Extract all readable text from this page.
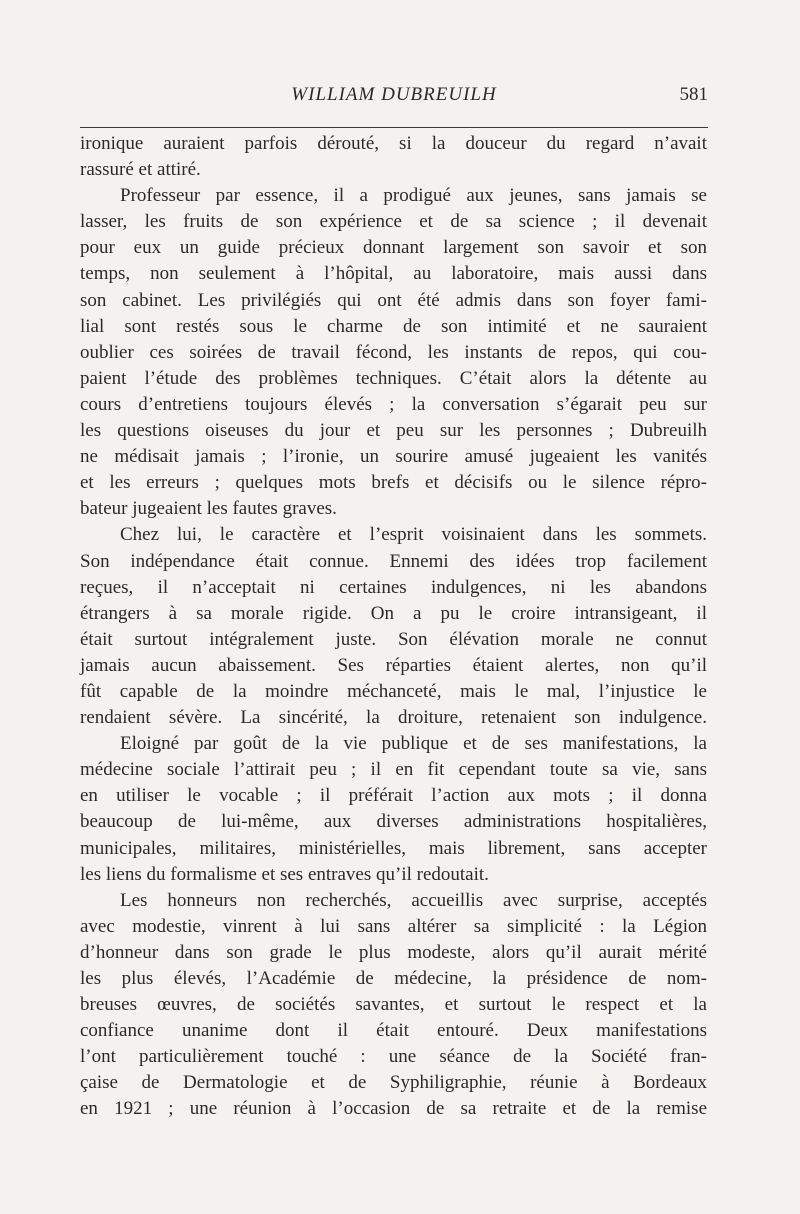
WILLIAM DUBREUILH	581
ironique auraient parfois dérouté, si la douceur du regard n’avait
rassuré et attiré.
Professeur par essence, il a prodigué aux jeunes, sans jamais se
lasser, les fruits de son expérience et de sa science ; il devenait
pour eux un guide précieux donnant largement son savoir et son
temps, non seulement à l’hôpital, au laboratoire, mais aussi dans
son cabinet. Les privilégiés qui ont été admis dans son foyer fami-
lial sont restés sous le charme de son intimité et ne sauraient
oublier ces soirées de travail fécond, les instants de repos, qui cou-
paient l’étude des problèmes techniques. C’était alors la détente au
cours d’entretiens toujours élevés ; la conversation s’égarait peu sur
les questions oiseuses du jour et peu sur les personnes ; Dubreuilh
ne médisait jamais ; l’ironie, un sourire amusé jugeaient les vanités
et les erreurs ; quelques mots brefs et décisifs ou le silence répro-
bateur jugeaient les fautes graves.
Chez lui, le caractère et l’esprit voisinaient dans les sommets.
Son indépendance était connue. Ennemi des idées trop facilement
reçues, il n’acceptait ni certaines indulgences, ni les abandons
étrangers à sa morale rigide. On a pu le croire intransigeant, il
était surtout intégralement juste. Son élévation morale ne connut
jamais aucun abaissement. Ses réparties étaient alertes, non qu’il
fût capable de la moindre méchanceté, mais le mal, l’injustice le
rendaient sévère. La sincérité, la droiture, retenaient son indulgence.
Eloigné par goût de la vie publique et de ses manifestations, la
médecine sociale l’attirait peu ; il en fit cependant toute sa vie, sans
en utiliser le vocable ; il préférait l’action aux mots ; il donna
beaucoup de lui-même, aux diverses administrations hospitalières,
municipales, militaires, ministérielles, mais librement, sans accepter
les liens du formalisme et ses entraves qu’il redoutait.
Les honneurs non recherchés, accueillis avec surprise, acceptés
avec modestie, vinrent à lui sans altérer sa simplicité : la Légion
d’honneur dans son grade le plus modeste, alors qu’il aurait mérité
les plus élevés, l’Académie de médecine, la présidence de nom-
breuses œuvres, de sociétés savantes, et surtout le respect et la
confiance unanime dont il était entouré. Deux manifestations
l’ont particulièrement touché : une séance de la Société fran-
çaise de Dermatologie et de Syphiligraphie, réunie à Bordeaux
en 1921 ; une réunion à l’occasion de sa retraite et de la remise
